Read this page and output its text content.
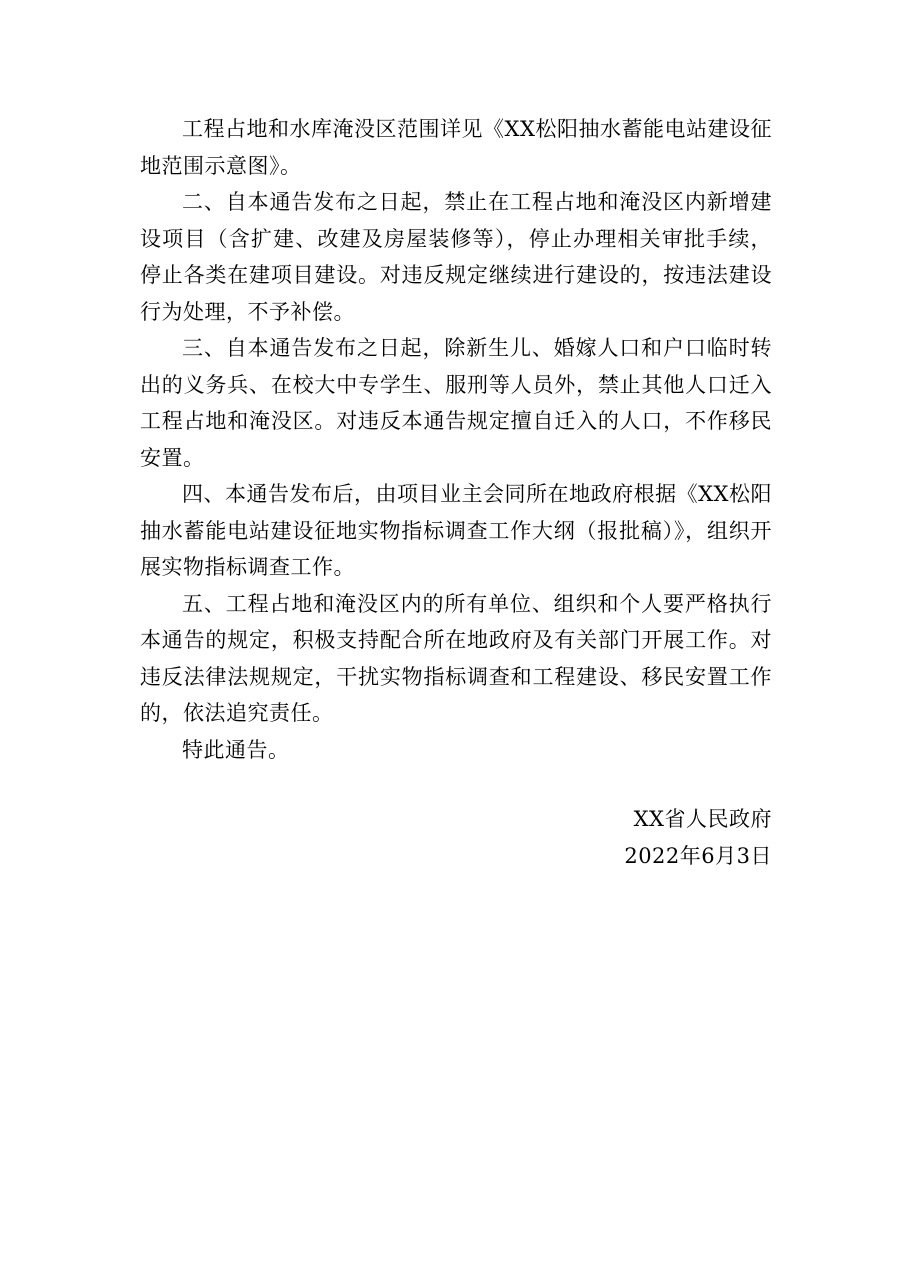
工程占地和水库淹没区范围详见《XX松阳抽水蓄能电站建设征地范围示意图》。

二、自本通告发布之日起，禁止在工程占地和淹没区内新增建设项目（含扩建、改建及房屋装修等），停止办理相关审批手续，停止各类在建项目建设。对违反规定继续进行建设的，按违法建设行为处理，不予补偿。

三、自本通告发布之日起，除新生儿、婚嫁人口和户口临时转出的义务兵、在校大中专学生、服刑等人员外，禁止其他人口迁入工程占地和淹没区。对违反本通告规定擅自迁入的人口，不作移民安置。

四、本通告发布后，由项目业主会同所在地政府根据《XX松阳抽水蓄能电站建设征地实物指标调查工作大纲（报批稿）》，组织开展实物指标调查工作。

五、工程占地和淹没区内的所有单位、组织和个人要严格执行本通告的规定，积极支持配合所在地政府及有关部门开展工作。对违反法律法规规定，干扰实物指标调查和工程建设、移民安置工作的，依法追究责任。

特此通告。

XX省人民政府
2022年6月3日
